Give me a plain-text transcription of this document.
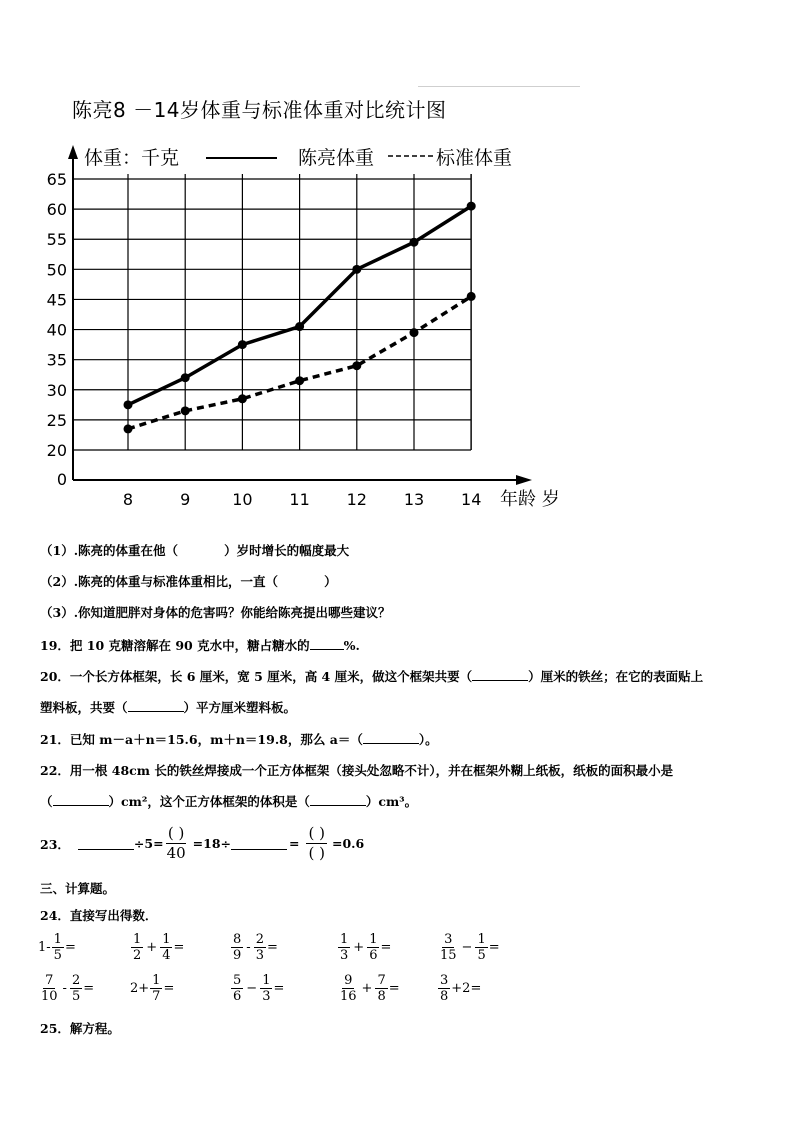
陈亮8 －14岁体重与标准体重对比统计图
20
25
30
35
40
45
50
55
60
65
0
8	9	10 11 12 13 14 年龄 岁
体重：千克	陈亮体重	标准体重
（1）.陈亮的体重在他（	）岁时增长的幅度最大
（2）.陈亮的体重与标准体重相比，一直（	）
（3）.你知道肥胖对身体的危害吗？你能给陈亮提出哪些建议？
19．把 10 克糖溶解在 90 克水中，糖占糖水的	%.
20．一个长方体框架，长 6 厘米，宽 5 厘米，高 4 厘米，做这个框架共要（	）厘米的铁丝；在它的表面贴上
塑料板，共要（	）平方厘米塑料板。
21．已知 m－a＋n＝15.6，m＋n＝19.8，那么 a＝（	）。
22．用一根 48cm 长的铁丝焊接成一个正方体框架（接头处忽略不计），并在框架外糊上纸板，纸板的面积最小是
（	）cm²，这个正方体框架的体积是（	）cm³。
23．	$\div 5= \frac{( )}{40} =18\div$	= $\frac{( )}{( )} =0.6$
三、计算题。
24．直接写出得数．
$1- \frac{1}{5}$ =	$\frac{1}{2} + \frac{1}{4}$ =	$\frac{8}{9} - \frac{2}{3}$ =	$\frac{1}{3} + \frac{1}{6}$ =	$\frac{3}{15} - \frac{1}{5}$ =
$\frac{7}{10} - \frac{2}{5}$ =	$2+ \frac{1}{7}$ =	$\frac{5}{6} - \frac{1}{3}$ =	$\frac{9}{16} + \frac{7}{8}$ =	$\frac{3}{8} +2=$
25．解方程。
